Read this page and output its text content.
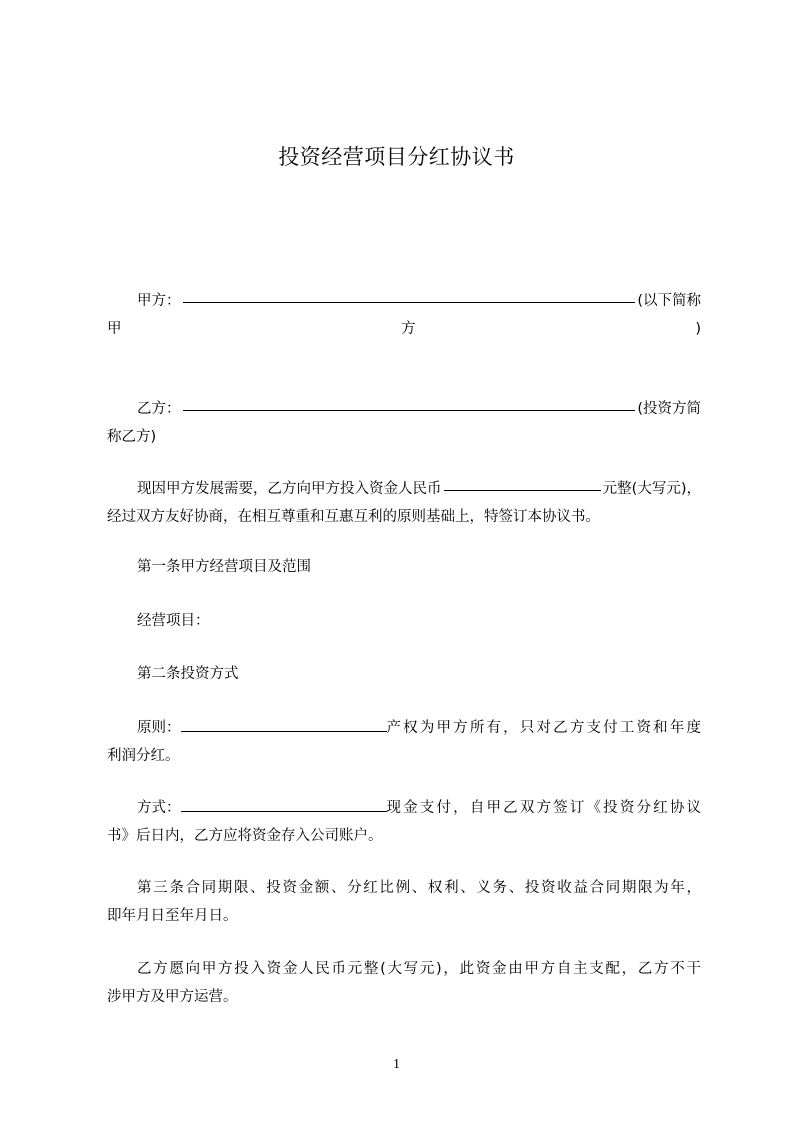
投资经营项目分红协议书
甲方：	(以下简称
甲	方	)
乙方：	(投资方简
称乙方)
现因甲方发展需要，乙方向甲方投入资金人民币	元整(大写元)，
经过双方友好协商，在相互尊重和互惠互利的原则基础上，特签订本协议书。
第一条甲方经营项目及范围
经营项目：
第二条投资方式
原则：	产权为甲方所有，只对乙方支付工资和年度
利润分红。
方式：	现金支付，自甲乙双方签订《投资分红协议
书》后日内，乙方应将资金存入公司账户。
第三条合同期限、投资金额、分红比例、权利、义务、投资收益合同期限为年，
即年月日至年月日。
乙方愿向甲方投入资金人民币元整(大写元)，此资金由甲方自主支配，乙方不干
涉甲方及甲方运营。
1
